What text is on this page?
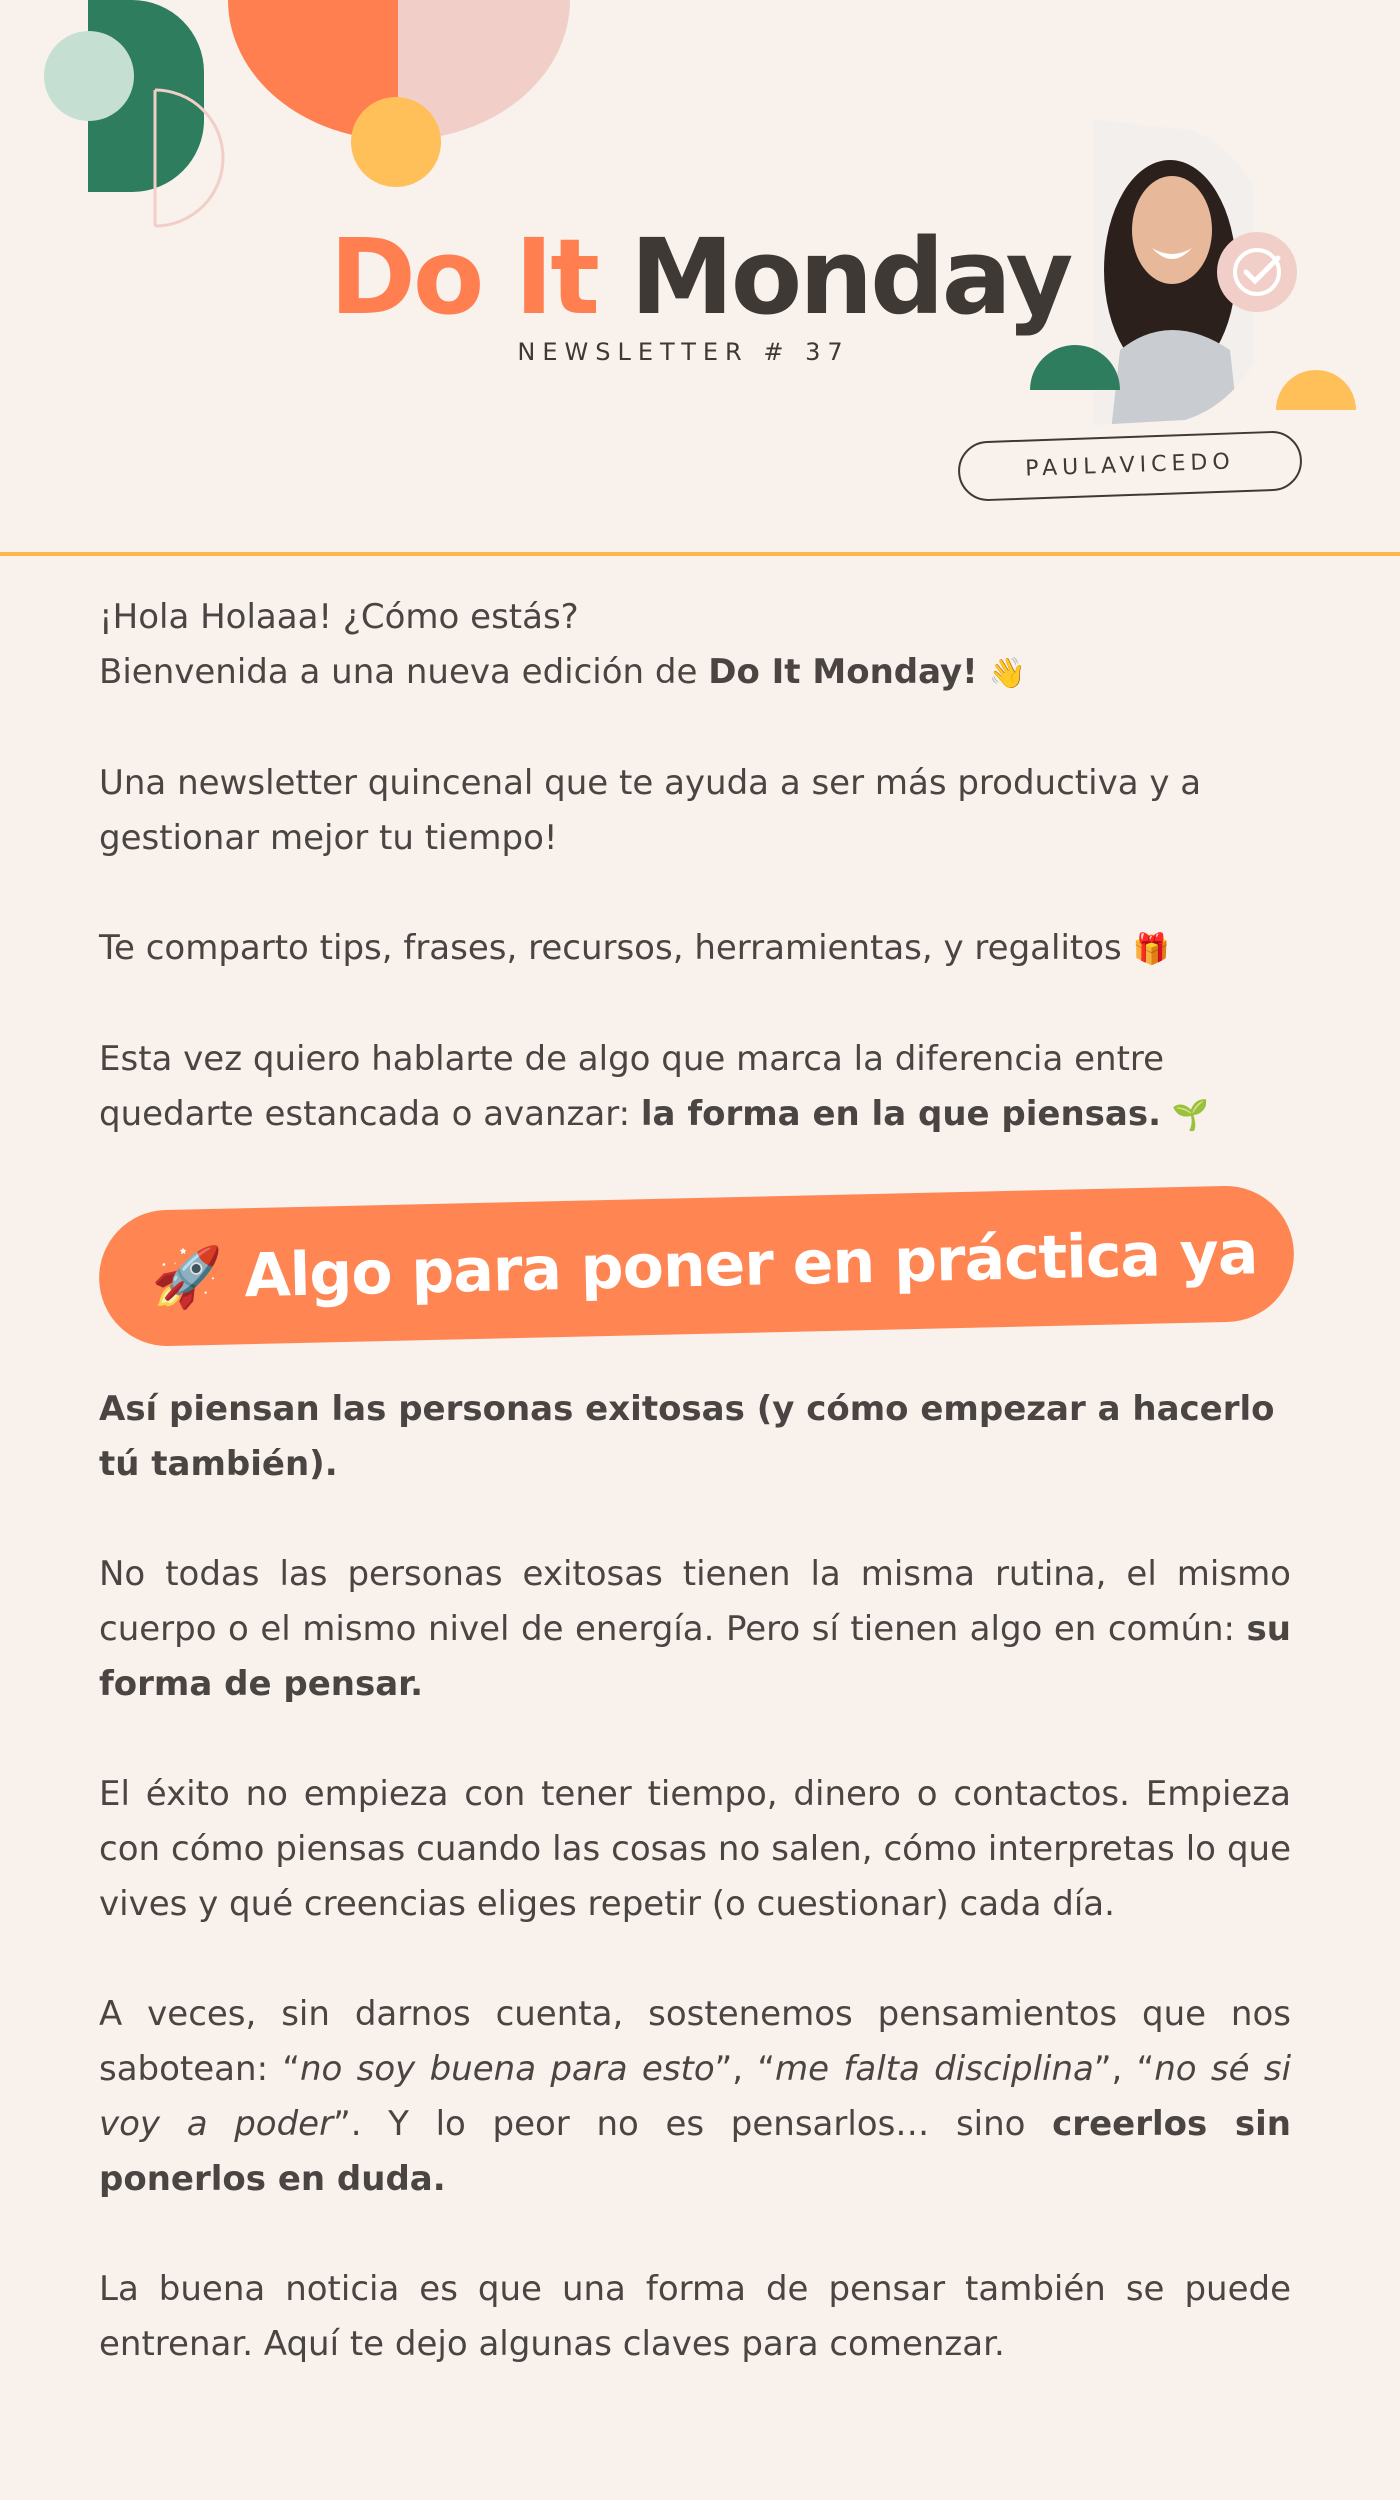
Do It Monday
NEWSLETTER # 37
PAULAVICEDO

¡Hola Holaaa! ¿Cómo estás?
Bienvenida a una nueva edición de Do It Monday! 👋

Una newsletter quincenal que te ayuda a ser más productiva y a gestionar mejor tu tiempo!

Te comparto tips, frases, recursos, herramientas, y regalitos 🎁

Esta vez quiero hablarte de algo que marca la diferencia entre quedarte estancada o avanzar: la forma en la que piensas. 🌱

🚀 Algo para poner en práctica ya

Así piensan las personas exitosas (y cómo empezar a hacerlo tú también).

No todas las personas exitosas tienen la misma rutina, el mismo cuerpo o el mismo nivel de energía. Pero sí tienen algo en común: su forma de pensar.

El éxito no empieza con tener tiempo, dinero o contactos. Empieza con cómo piensas cuando las cosas no salen, cómo interpretas lo que vives y qué creencias eliges repetir (o cuestionar) cada día.

A veces, sin darnos cuenta, sostenemos pensamientos que nos sabotean: “no soy buena para esto”, “me falta disciplina”, “no sé si voy a poder”. Y lo peor no es pensarlos… sino creerlos sin ponerlos en duda.

La buena noticia es que una forma de pensar también se puede entrenar. Aquí te dejo algunas claves para comenzar.
